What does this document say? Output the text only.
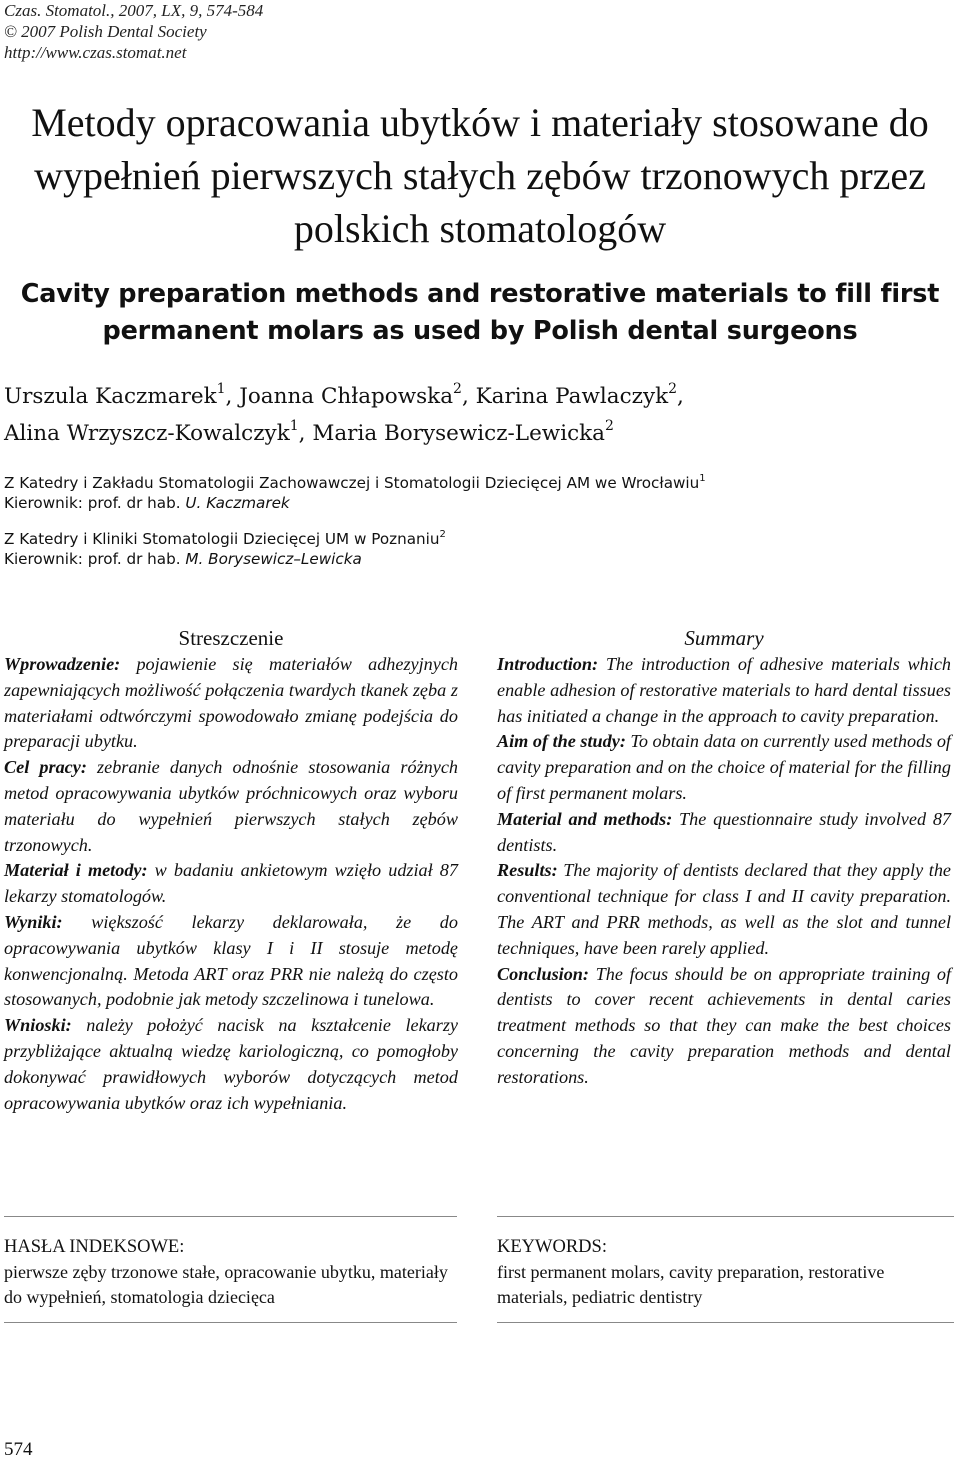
Czas. Stomatol., 2007, LX, 9, 574-584
© 2007 Polish Dental Society
http://www.czas.stomat.net
Metody opracowania ubytków i materiały stosowane do
wypełnień pierwszych stałych zębów trzonowych przez
polskich stomatologów
Cavity preparation methods and restorative materials to fill first
permanent molars as used by Polish dental surgeons
Urszula Kaczmarek$^1$, Joanna Chłapowska$^2$, Karina Pawlaczyk$^2$,
Alina Wrzyszcz-Kowalczyk$^1$, Maria Borysewicz-Lewicka$^2$
Z Katedry i Zakładu Stomatologii Zachowawczej i Stomatologii Dziecięcej AM we Wrocławiu$^1$
Kierownik: prof. dr hab. U. Kaczmarek
Z Katedry i Kliniki Stomatologii Dziecięcej UM w Poznaniu$^2$
Kierownik: prof. dr hab. M. Borysewicz–Lewicka
Streszczenie

Wprowadzenie: pojawienie się materiałów adhezyjnych zapewniających możliwość połączenia twardych tkanek zęba z materiałami odtwórczymi spowodowało zmianę podejścia do preparacji ubytku.

Cel pracy: zebranie danych odnośnie stosowania różnych metod opracowywania ubytków próchnicowych oraz wyboru materiału do wypełnień pierwszych stałych zębów trzonowych.

Materiał i metody: w badaniu ankietowym wzięło udział 87 lekarzy stomatologów.

Wyniki: większość lekarzy deklarowała, że do opracowywania ubytków klasy I i II stosuje metodę konwencjonalną. Metoda ART oraz PRR nie należą do często stosowanych, podobnie jak metody szczelinowa i tunelowa.

Wnioski: należy położyć nacisk na kształcenie lekarzy przybliżające aktualną wiedzę kariologiczną, co pomogłoby dokonywać prawidłowych wyborów dotyczących metod opracowywania ubytków oraz ich wypełniania.

Summary

Introduction: The introduction of adhesive materials which enable adhesion of restorative materials to hard dental tissues has initiated a change in the approach to cavity preparation.

Aim of the study: To obtain data on currently used methods of cavity preparation and on the choice of material for the filling of first permanent molars.

Material and methods: The questionnaire study involved 87 dentists.

Results: The majority of dentists declared that they apply the conventional technique for class I and II cavity preparation. The ART and PRR methods, as well as the slot and tunnel techniques, have been rarely applied.

Conclusion: The focus should be on appropriate training of dentists to cover recent achievements in dental caries treatment methods so that they can make the best choices concerning the cavity preparation methods and dental restorations.

HASŁA INDEKSOWE:
pierwsze zęby trzonowe stałe, opracowanie ubytku, materiały do wypełnień, stomatologia dziecięca
KEYWORDS:
first permanent molars, cavity preparation, restorative materials, pediatric dentistry
574
